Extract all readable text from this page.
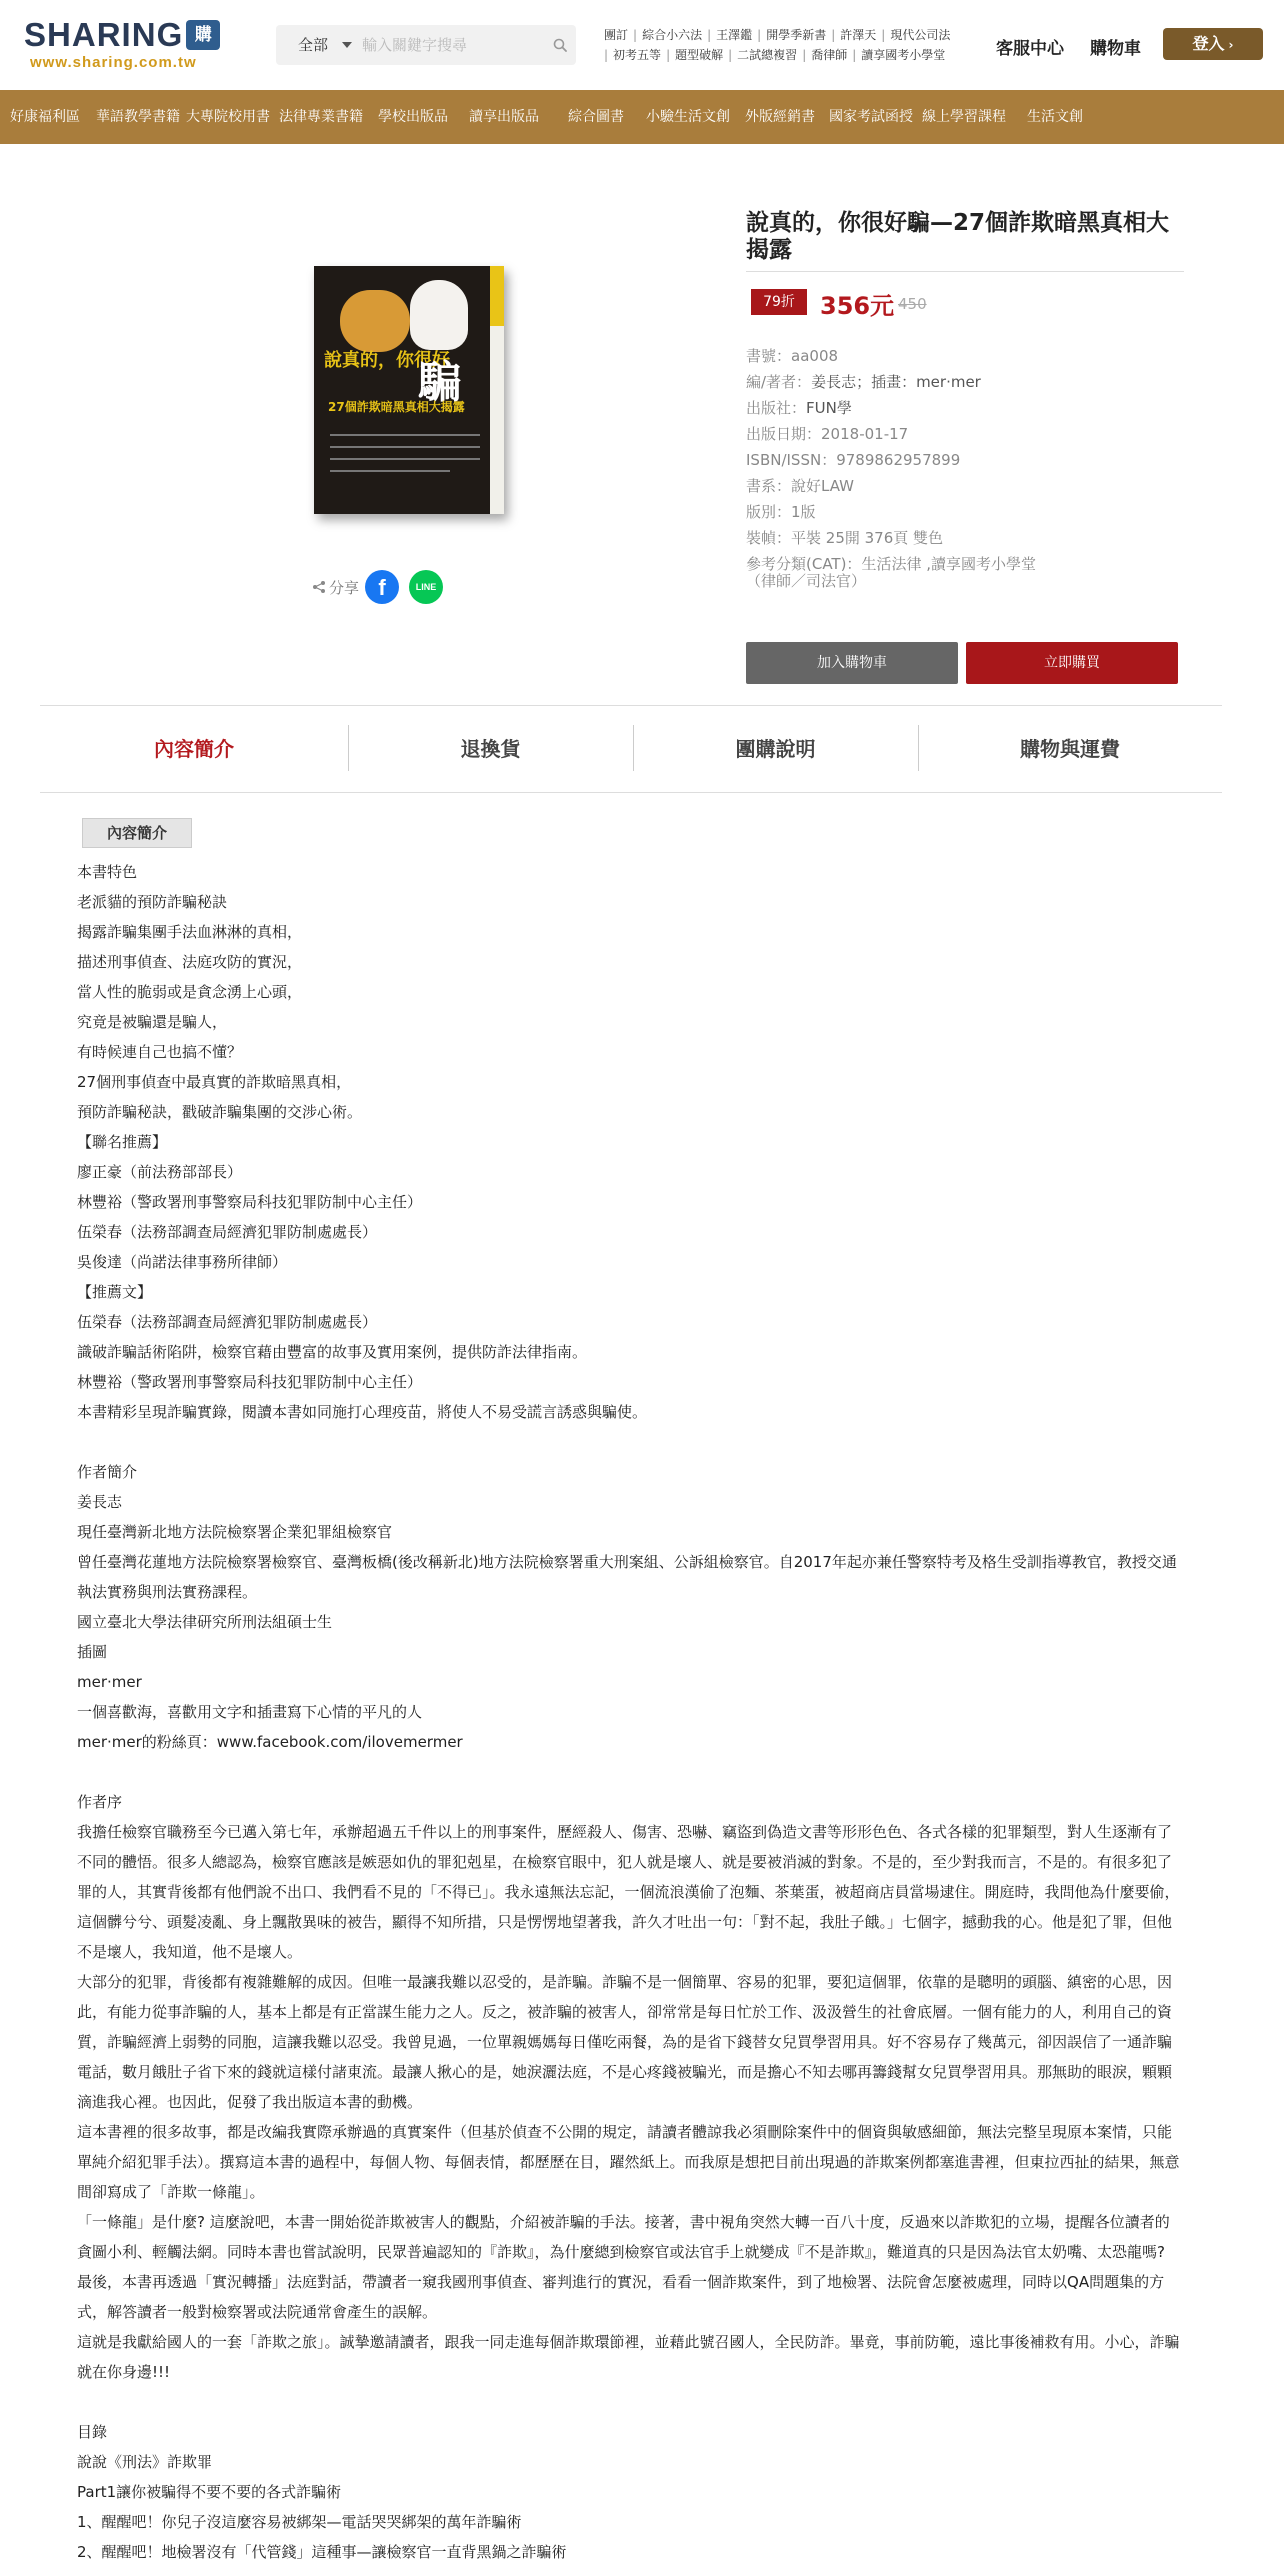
S H A R I N G 購
www.sharing.com.tw
全部
輸入關鍵字搜尋
團訂 | 綜合小六法 | 王澤鑑 | 開學季新書 | 許澤天 | 現代公司法
| 初考五等 | 題型破解 | 二試總複習 | 喬律師 | 讀享國考小學堂	客服中心 購物車	登入 ›
好康福利區 華語教學書籍 大專院校用書 法律專業書籍 學校出版品 讀享出版品 綜合圖書 小驗生活文創 外版經銷書 國家考試函授 線上學習課程 生活文創
說真的，你很好
騙
27個詐欺暗黑真相大揭露
分享 f	LINE
說真的，你很好騙—27個詐欺暗黑真相大揭露
79折	356元 450
書號：aa008
編/著者：姜長志；插畫：mer·mer
出版社：FUN學
出版日期：2018-01-17
ISBN/ISSN：9789862957899
書系：說好LAW
版別：1版
裝幀：平裝 25開 376頁 雙色
參考分類(CAT)：生活法律 ,讀享國考小學堂（律師／司法官）
加入購物車	立即購買
內容簡介	退換貨	團購說明	購物與運費
內容簡介

本書特色

老派貓的預防詐騙秘訣

揭露詐騙集團手法血淋淋的真相，

描述刑事偵查、法庭攻防的實況，

當人性的脆弱或是貪念湧上心頭，

究竟是被騙還是騙人，

有時候連自己也搞不懂？

27個刑事偵查中最真實的詐欺暗黑真相，

預防詐騙秘訣，戳破詐騙集團的交涉心術。

【聯名推薦】

廖正豪（前法務部部長）

林豐裕（警政署刑事警察局科技犯罪防制中心主任）

伍榮春（法務部調查局經濟犯罪防制處處長）

吳俊達（尚諾法律事務所律師）

【推薦文】

伍榮春（法務部調查局經濟犯罪防制處處長）

識破詐騙話術陷阱，檢察官藉由豐富的故事及實用案例，提供防詐法律指南。

林豐裕（警政署刑事警察局科技犯罪防制中心主任）

本書精彩呈現詐騙實錄，閱讀本書如同施打心理疫苗，將使人不易受謊言誘惑與騙使。

作者簡介

姜長志

現任臺灣新北地方法院檢察署企業犯罪組檢察官

曾任臺灣花蓮地方法院檢察署檢察官、臺灣板橋(後改稱新北)地方法院檢察署重大刑案組、公訴組檢察官。自2017年起亦兼任警察特考及格生受訓指導教官，教授交通執法實務與刑法實務課程。

國立臺北大學法律研究所刑法組碩士生

插圖

mer·mer

一個喜歡海，喜歡用文字和插畫寫下心情的平凡的人

mer·mer的粉絲頁：www.facebook.com/ilovemermer

作者序

我擔任檢察官職務至今已邁入第七年，承辦超過五千件以上的刑事案件，歷經殺人、傷害、恐嚇、竊盜到偽造文書等形形色色、各式各樣的犯罪類型，對人生逐漸有了不同的體悟。很多人總認為，檢察官應該是嫉惡如仇的罪犯剋星，在檢察官眼中，犯人就是壞人、就是要被消滅的對象。不是的，至少對我而言，不是的。有很多犯了罪的人，其實背後都有他們說不出口、我們看不見的「不得已」。我永遠無法忘記，一個流浪漢偷了泡麵、茶葉蛋，被超商店員當場逮住。開庭時，我問他為什麼要偷，這個髒兮兮、頭髮凌亂、身上飄散異味的被告，顯得不知所措，只是愣愣地望著我，許久才吐出一句：「對不起，我肚子餓。」七個字，撼動我的心。他是犯了罪，但他不是壞人，我知道，他不是壞人。

大部分的犯罪，背後都有複雜難解的成因。但唯一最讓我難以忍受的，是詐騙。詐騙不是一個簡單、容易的犯罪，要犯這個罪，依靠的是聰明的頭腦、縝密的心思，因此，有能力從事詐騙的人，基本上都是有正當謀生能力之人。反之，被詐騙的被害人，卻常常是每日忙於工作、汲汲營生的社會底層。一個有能力的人，利用自己的資質，詐騙經濟上弱勢的同胞，這讓我難以忍受。我曾見過，一位單親媽媽每日僅吃兩餐，為的是省下錢替女兒買學習用具。好不容易存了幾萬元，卻因誤信了一通詐騙電話，數月餓肚子省下來的錢就這樣付諸東流。最讓人揪心的是，她淚灑法庭，不是心疼錢被騙光，而是擔心不知去哪再籌錢幫女兒買學習用具。那無助的眼淚，顆顆滴進我心裡。也因此，促發了我出版這本書的動機。

這本書裡的很多故事，都是改編我實際承辦過的真實案件（但基於偵查不公開的規定，請讀者體諒我必須刪除案件中的個資與敏感細節，無法完整呈現原本案情，只能單純介紹犯罪手法）。撰寫這本書的過程中，每個人物、每個表情，都歷歷在目，躍然紙上。而我原是想把目前出現過的詐欺案例都塞進書裡，但東拉西扯的結果，無意間卻寫成了「詐欺一條龍」。

「一條龍」是什麼? 這麼說吧，本書一開始從詐欺被害人的觀點，介紹被詐騙的手法。接著，書中視角突然大轉一百八十度，反過來以詐欺犯的立場，提醒各位讀者的貪圖小利、輕觸法網。同時本書也嘗試說明，民眾普遍認知的『詐欺』，為什麼總到檢察官或法官手上就變成『不是詐欺』，難道真的只是因為法官太奶嘴、太恐龍嗎? 最後，本書再透過「實況轉播」法庭對話，帶讀者一窺我國刑事偵查、審判進行的實況，看看一個詐欺案件，到了地檢署、法院會怎麼被處理，同時以QA問題集的方式，解答讀者一般對檢察署或法院通常會產生的誤解。

這就是我獻給國人的一套「詐欺之旅」。誠摯邀請讀者，跟我一同走進每個詐欺環節裡，並藉此號召國人，全民防詐。畢竟，事前防範，遠比事後補救有用。小心，詐騙就在你身邊!!!

目錄

說說《刑法》詐欺罪

Part1讓你被騙得不要不要的各式詐騙術

1、醒醒吧！你兒子沒這麼容易被綁架—電話哭哭綁架的萬年詐騙術

2、醒醒吧！地檢署沒有「代管錢」這種事—讓檢察官一直背黑鍋之詐騙術
